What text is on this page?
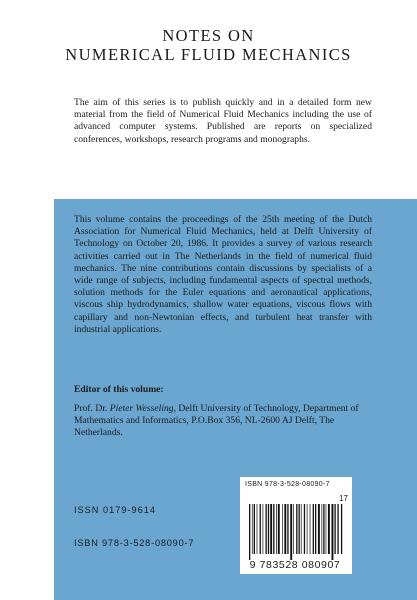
NOTES ON
NUMERICAL FLUID MECHANICS
The aim of this series is to publish quickly and in a detailed form new material from the field of Numerical Fluid Mechanics including the use of advanced computer systems. Published are reports on specialized conferences, workshops, research programs and monographs.
This volume contains the proceedings of the 25th meeting of the Dutch Association for Numerical Fluid Mechanics, held at Delft University of Technology on October 20, 1986. It provides a survey of various research activities carried out in The Netherlands in the field of numerical fluid mechanics. The nine contributions contain discussions by specialists of a wide range of subjects, including fundamental aspects of spectral methods, solution methods for the Euler equations and aeronautical applications, viscous ship hydrodynamics, shallow water equations, viscous flows with capillary and non-Newtonian effects, and turbulent heat transfer with industrial applications.
Editor of this volume:
Prof. Dr. Pieter Wesseling, Delft University of Technology, Department of Mathematics and Informatics, P.O.Box 356, NL-2600 AJ Delft, The Netherlands.
ISSN 0179-9614
ISBN 978-3-528-08090-7
ISBN 978-3-528-08090-7
17
9 783528 080907
